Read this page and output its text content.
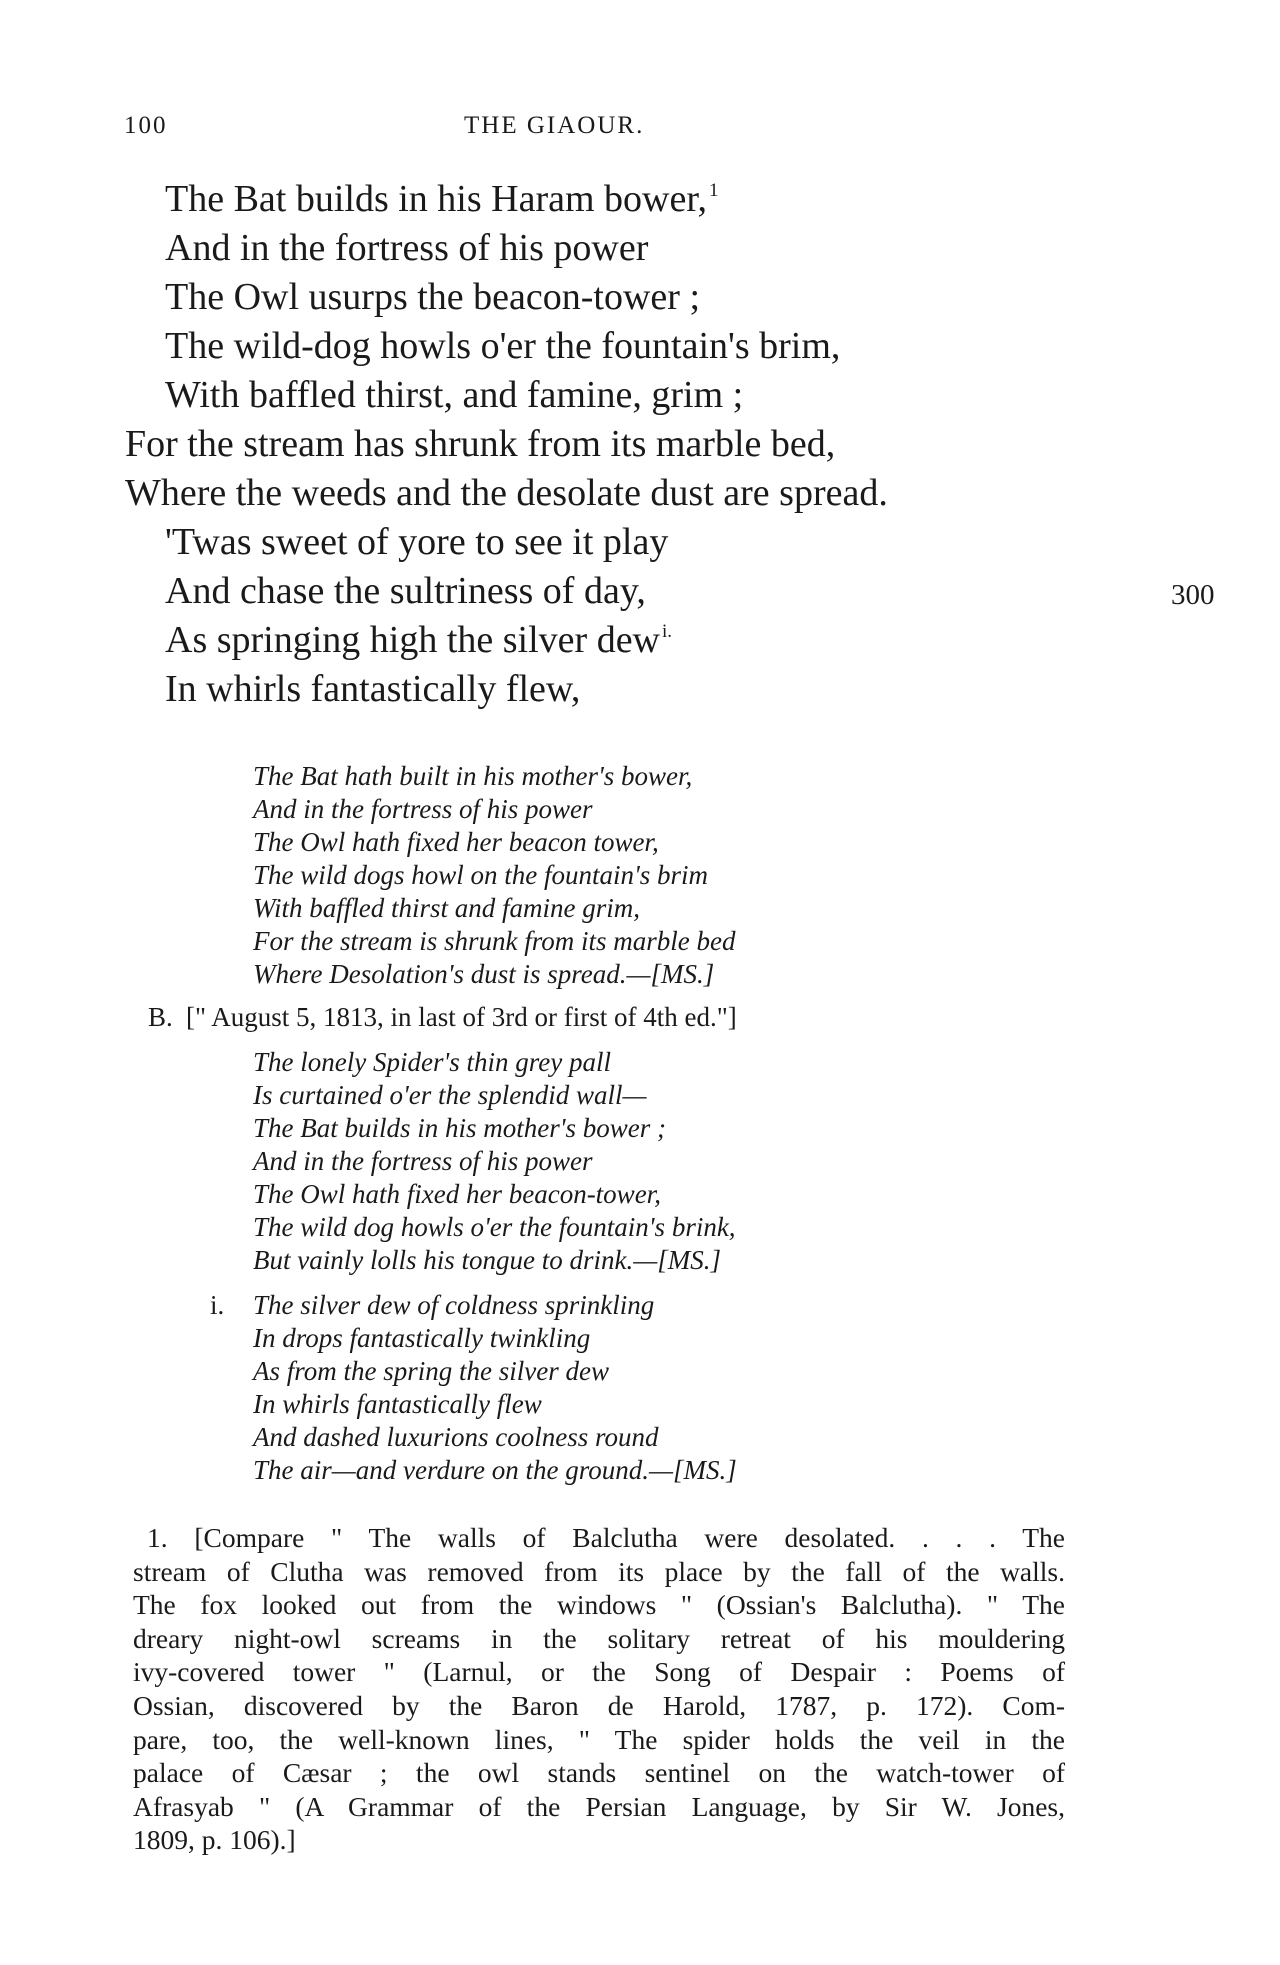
100	THE GIAOUR.
The Bat builds in his Haram bower, $^1$
And in the fortress of his power
The Owl usurps the beacon-tower ;
The wild-dog howls o'er the fountain's brim,
With baffled thirst, and famine, grim ;
For the stream has shrunk from its marble bed,
Where the weeds and the desolate dust are spread.
'Twas sweet of yore to see it play
And chase the sultriness of day,	300
As springing high the silver dew $^{i.}$
In whirls fantastically flew,
The Bat hath built in his mother's bower,
And in the fortress of his power
The Owl hath fixed her beacon tower,
The wild dogs howl on the fountain's brim
With baffled thirst and famine grim,
For the stream is shrunk from its marble bed
Where Desolation's dust is spread.—[MS.]
B. [" August 5, 1813, in last of 3rd or first of 4th ed."]
The lonely Spider's thin grey pall
Is curtained o'er the splendid wall—
The Bat builds in his mother's bower ;
And in the fortress of his power
The Owl hath fixed her beacon-tower,
The wild dog howls o'er the fountain's brink,
But vainly lolls his tongue to drink.—[MS.]
i. The silver dew of coldness sprinkling
In drops fantastically twinkling
As from the spring the silver dew
In whirls fantastically flew
And dashed luxurions coolness round
The air—and verdure on the ground.—[MS.]
1. [Compare " The walls of Balclutha were desolated. . . . The
stream of Clutha was removed from its place by the fall of the walls.
The fox looked out from the windows " (Ossian's Balclutha). " The
dreary night-owl screams in the solitary retreat of his mouldering
ivy-covered tower " (Larnul, or the Song of Despair : Poems of
Ossian, discovered by the Baron de Harold, 1787, p. 172). Com-
pare, too, the well-known lines, " The spider holds the veil in the
palace of Cæsar ; the owl stands sentinel on the watch-tower of
Afrasyab " (A Grammar of the Persian Language, by Sir W. Jones,
1809, p. 106).]
